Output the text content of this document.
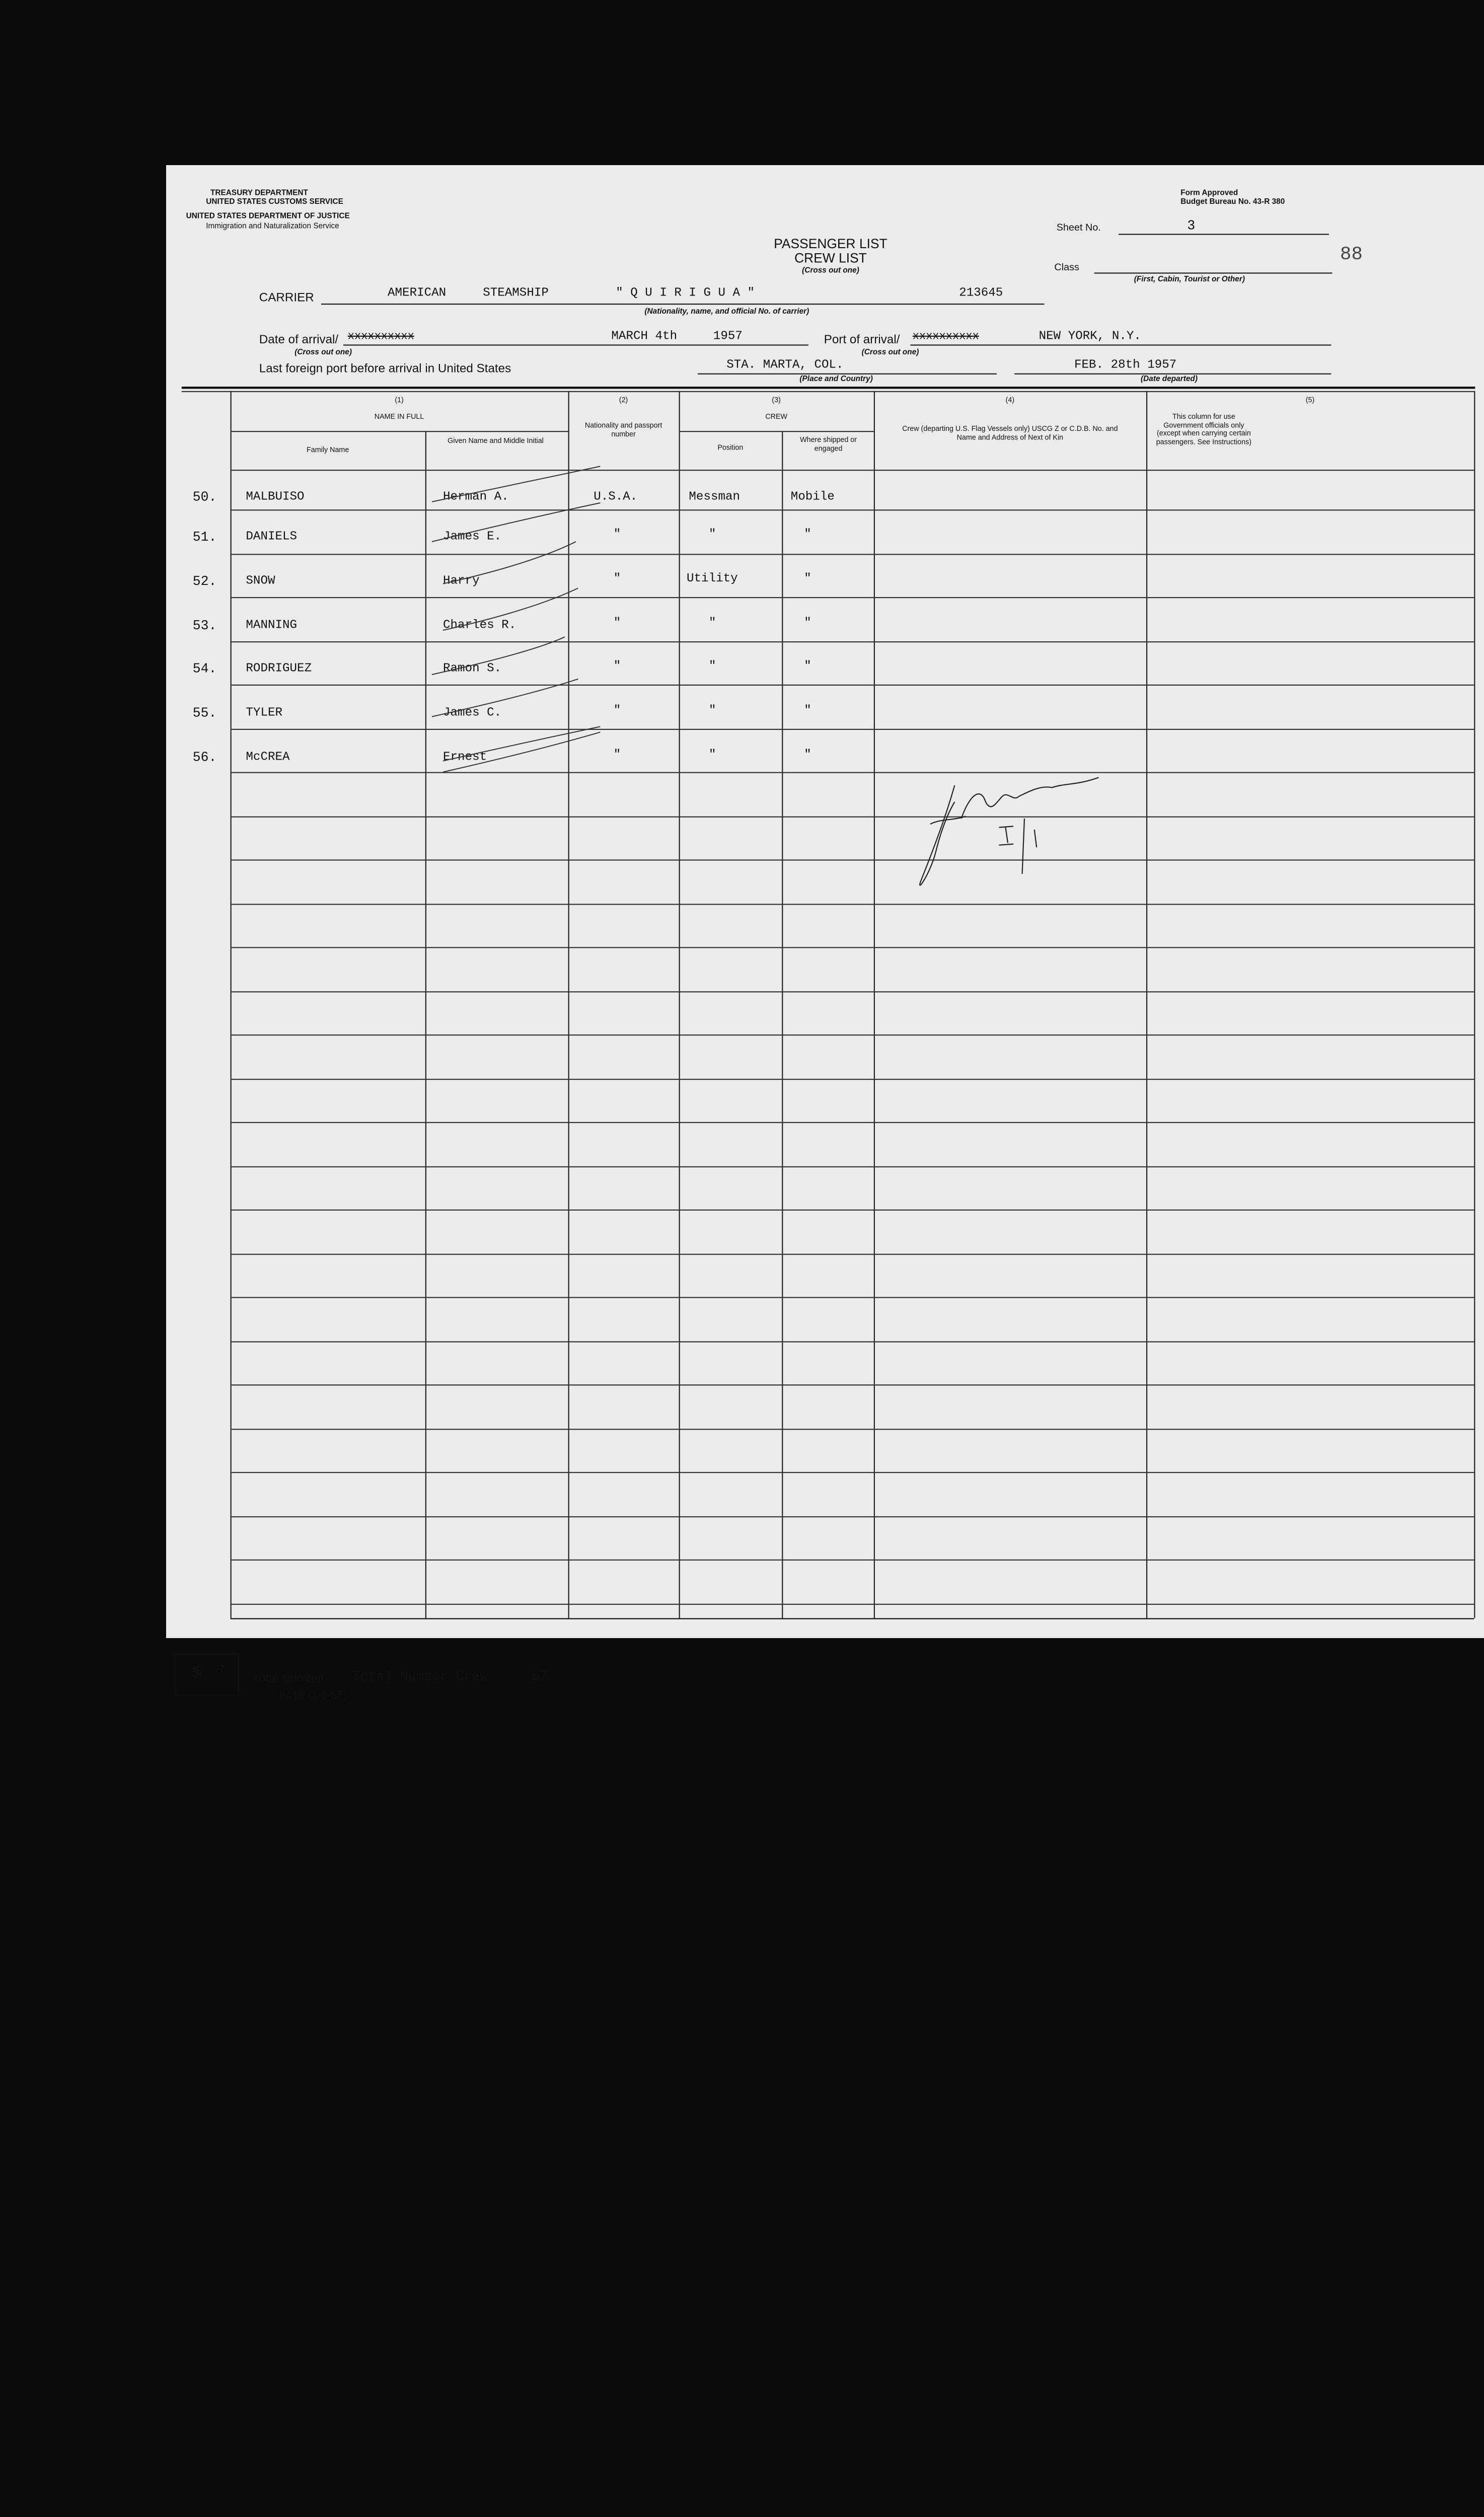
TREASURY DEPARTMENT
UNITED STATES CUSTOMS SERVICE
UNITED STATES DEPARTMENT OF JUSTICE
Immigration and Naturalization Service
Form Approved
Budget Bureau No. 43-R 380
Sheet No.	3
88
Class
(First, Cabin, Tourist or Other)
PASSENGER LIST
CREW LIST
(Cross out one)
CARRIER	AMERICAN	STEAMSHIP	" Q U I R I G U A "	213645
(Nationality, name, and official No. of carrier)
Date of arrival/ xxxxxxxxxx	MARCH 4th	1957
(Cross out one)
Port of arrival/	xxxxxxxxxx	NEW YORK, N.Y.
(Cross out one)
Last foreign port before arrival in United States	STA. MARTA, COL.
(Place and Country)
FEB. 28th 1957
(Date departed)
(1)
NAME IN FULL
Family Name
Given Name and Middle Initial
(2)
Nationality and passport number
(3)
CREW
Position
Where shipped or engaged
(4)
Crew (departing U.S. Flag Vessels only) USCG Z or C.D.B. No. and Name and Address of Next of Kin
(5)
This column for use Government officials only (except when carrying certain passengers. See Instructions)
50.	MALBUISO	Herman A.	U.S.A.	Messman	Mobile
51.	DANIELS	James E.	"	"	"
52.	SNOW	Harry	"	Utility	"
53.	MANNING	Charles R.	"	"	"
54.	RODRIGUEZ	Ramon S.	"	"	"
55.	TYLER	James C.	"	"	"
56.	McCREA	Ernest	"	"	"
≸ 7	Total Number	Total Number Crew	57
I-418 (1-1-57)
